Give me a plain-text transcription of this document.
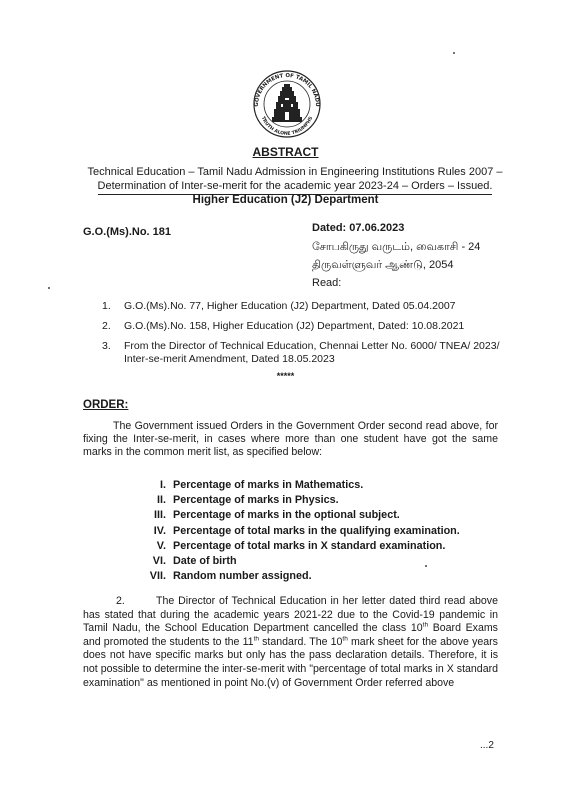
GOVERNMENT OF TAMIL NADU
TRUTH ALONE TRIUMPHS
ABSTRACT
Technical Education – Tamil Nadu Admission in Engineering Institutions Rules 2007 –
Determination of Inter-se-merit for the academic year 2023-24 – Orders – Issued.
Higher Education (J2) Department
G.O.(Ms).No. 181	Dated: 07.06.2023
சோபகிருது வருடம், வைகாசி - 24
திருவள்ளுவர் ஆண்டு, 2054
Read:
1.	G.O.(Ms).No. 77, Higher Education (J2) Department, Dated 05.04.2007
2.	G.O.(Ms).No. 158, Higher Education (J2) Department, Dated: 10.08.2021
3.	From the Director of Technical Education, Chennai Letter No. 6000/ TNEA/ 2023/ Inter-se-merit Amendment, Dated 18.05.2023
*****
ORDER:
The Government issued Orders in the Government Order second read above, for fixing the Inter-se-merit, in cases where more than one student have got the same marks in the common merit list, as specified below:
I. Percentage of marks in Mathematics.
II. Percentage of marks in Physics.
III. Percentage of marks in the optional subject.
IV. Percentage of total marks in the qualifying examination.
V. Percentage of total marks in X standard examination.
VI. Date of birth
VII. Random number assigned.
2.	The Director of Technical Education in her letter dated third read above has stated that during the academic years 2021-22 due to the Covid-19 pandemic in Tamil Nadu, the School Education Department cancelled the class 10th Board Exams and promoted the students to the 11th standard. The 10th mark sheet for the above years does not have specific marks but only has the pass declaration details. Therefore, it is not possible to determine the inter-se-merit with "percentage of total marks in X standard examination" as mentioned in point No.(v) of Government Order referred above
...2
